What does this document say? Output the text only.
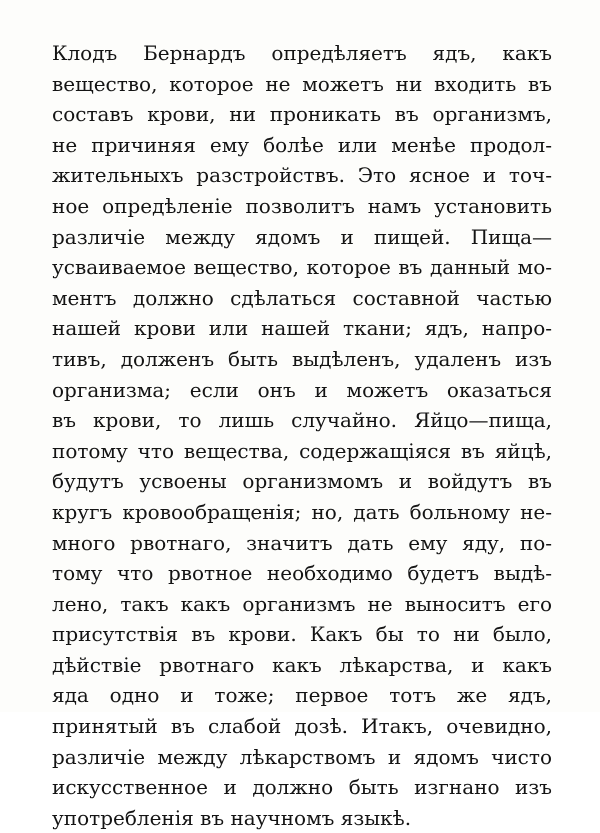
Клодъ Бернардъ опредѣляетъ ядъ, какъ
вещество, которое не можетъ ни входить въ
составъ крови, ни проникать въ организмъ,
не причиняя ему болѣе или менѣе продол-
жительныхъ разстройствъ. Это ясное и точ-
ное опредѣленіе позволитъ намъ установить
различіе между ядомъ и пищей. Пища—
усваиваемое вещество, которое въ данный мо-
ментъ должно сдѣлаться составной частью
нашей крови или нашей ткани; ядъ, напро-
тивъ, долженъ быть выдѣленъ, удаленъ изъ
организма; если онъ и можетъ оказаться
въ крови, то лишь случайно. Яйцо—пища,
потому что вещества, содержащіяся въ яйцѣ,
будутъ усвоены организмомъ и войдутъ въ
кругъ кровообращенія; но, дать больному не-
много рвотнаго, значитъ дать ему яду, по-
тому что рвотное необходимо будетъ выдѣ-
лено, такъ какъ организмъ не выноситъ его
присутствія въ крови. Какъ бы то ни было,
дѣйствіе рвотнаго какъ лѣкарства, и какъ
яда одно и тоже; первое тотъ же ядъ,
принятый въ слабой дозѣ. Итакъ, очевидно,
различіе между лѣкарствомъ и ядомъ чисто
искусственное и должно быть изгнано изъ
употребленія въ научномъ языкѣ.
